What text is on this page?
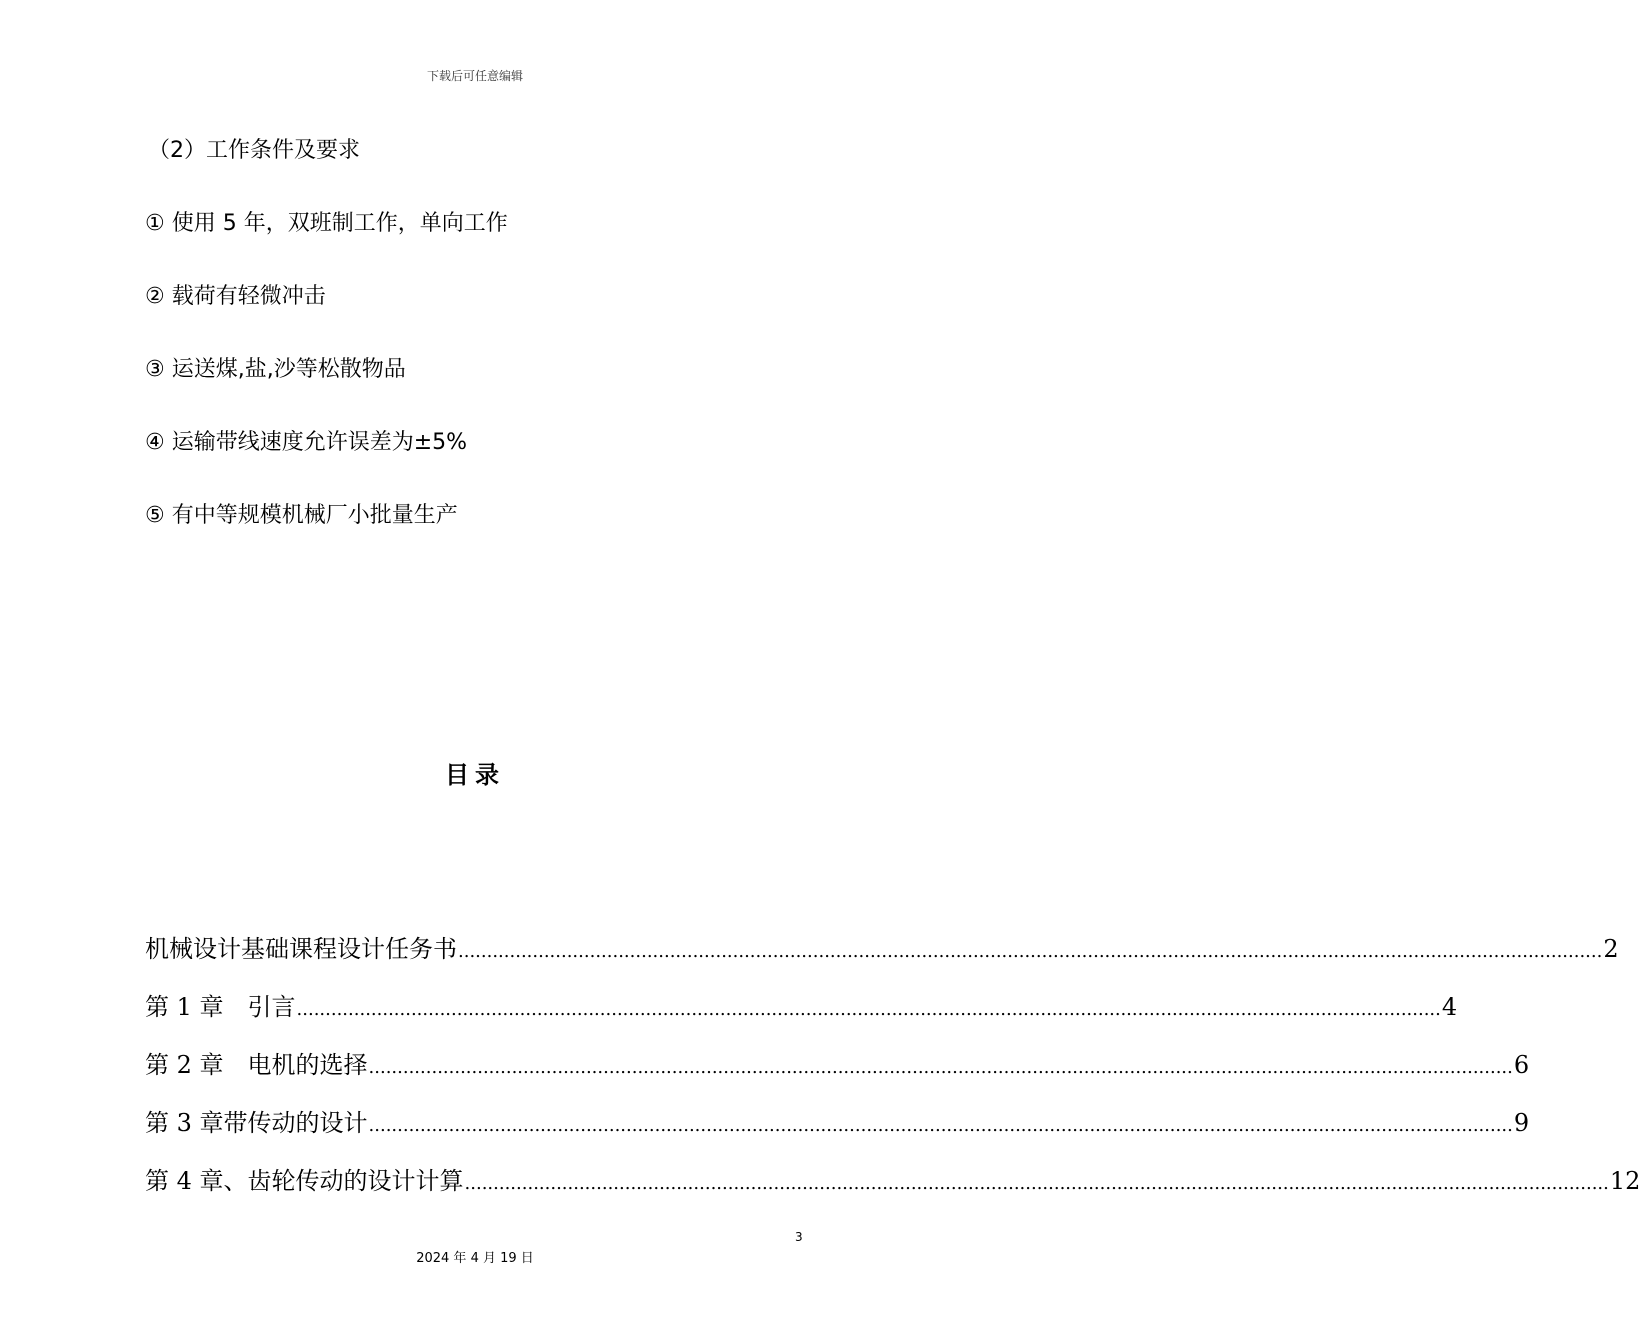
下载后可任意编辑
（2）工作条件及要求
① 使用 5 年，双班制工作，单向工作
② 载荷有轻微冲击
③ 运送煤,盐,沙等松散物品
④ 运输带线速度允许误差为±5%
⑤ 有中等规模机械厂小批量生产
目录
机械设计基础课程设计任务书 ........................................................................................................................................................................................................ 2
第 1 章　引言 ........................................................................................................................................................................................................ 4
第 2 章　电机的选择 ........................................................................................................................................................................................................ 6
第 3 章带传动的设计 ........................................................................................................................................................................................................ 9
第 4 章、齿轮传动的设计计算 ........................................................................................................................................................................................................ 12
3
2024 年 4 月 19 日
